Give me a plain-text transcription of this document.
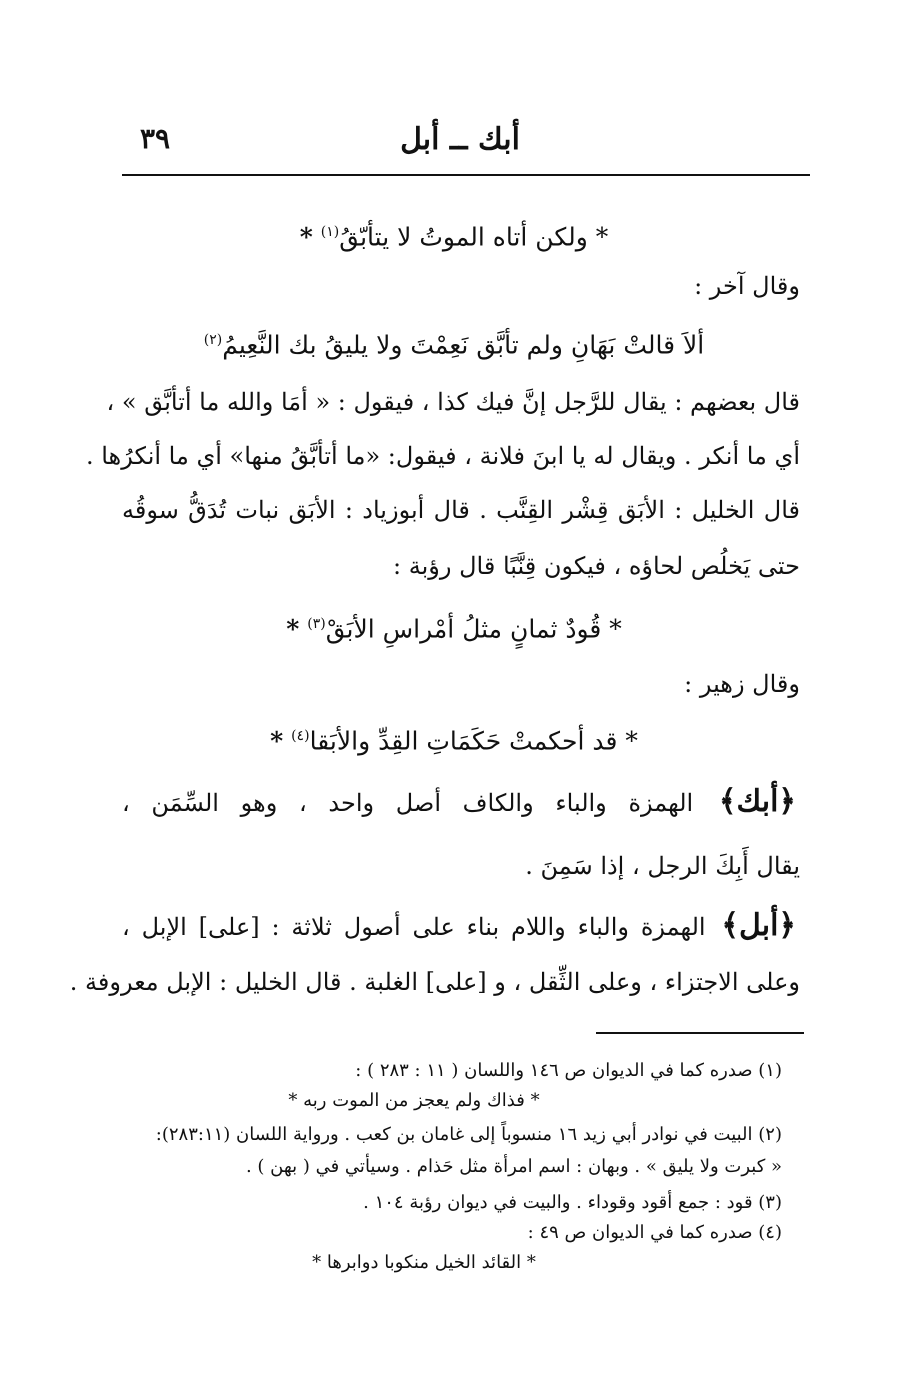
أبك ــ أبل
٣٩
* ولكن أتاه الموتُ لا يتأبّقُ$^{(١)}$ *
وقال آخر :
ألاَ قالتْ بَهَانِ ولم تأبَّق نَعِمْتَ ولا يليقُ بك النَّعِيمُ$^{(٢)}$
قال بعضهم : يقال للرَّجل إنَّ فيك كذا ، فيقول : « أمَا والله ما أتأبَّق » ،
أي ما أنكر . ويقال له يا ابنَ فلانة ، فيقول: «ما أتأبَّقُ منها» أي ما أنكرُها .
قال الخليل : الأبَق قِشْر القِنَّب . قال أبوزياد : الأبَق نبات تُدَقُّ سوقُه
حتى يَخلُص لحاؤه ، فيكون قِنَّبًا قال رؤبة :
* قُودٌ ثمانٍ مثلُ أمْراسِ الأبَقْ$^{(٣)}$ *
وقال زهير :
* قد أحكمتْ حَكَمَاتِ القِدِّ والأبَقا$^{(٤)}$ *
﴿أبك﴾ الهمزة والباء والكاف أصل واحد ، وهو السِّمَن ،
يقال أَبِكَ الرجل ، إذا سَمِنَ .
﴿أبل﴾ الهمزة والباء واللام بناء على أصول ثلاثة : [على] الإبل ،
وعلى الاجتزاء ، وعلى الثِّقل ، و [على] الغلبة . قال الخليل : الإبل معروفة .
(١) صدره كما في الديوان ص ١٤٦ واللسان ( ١١ : ٢٨٣ ) :
* فذاك ولم يعجز من الموت ربه *
(٢) البيت في نوادر أبي زيد ١٦ منسوباً إلى غامان بن كعب . ورواية اللسان (٢٨٣:١١):
« كبرت ولا يليق » . وبهان : اسم امرأة مثل حَذام . وسيأتي في ( بهن ) .
(٣) قود : جمع أقود وقوداء . والبيت في ديوان رؤبة ١٠٤ .
(٤) صدره كما في الديوان ص ٤٩ :
* القائد الخيل منكوبا دوابرها *
